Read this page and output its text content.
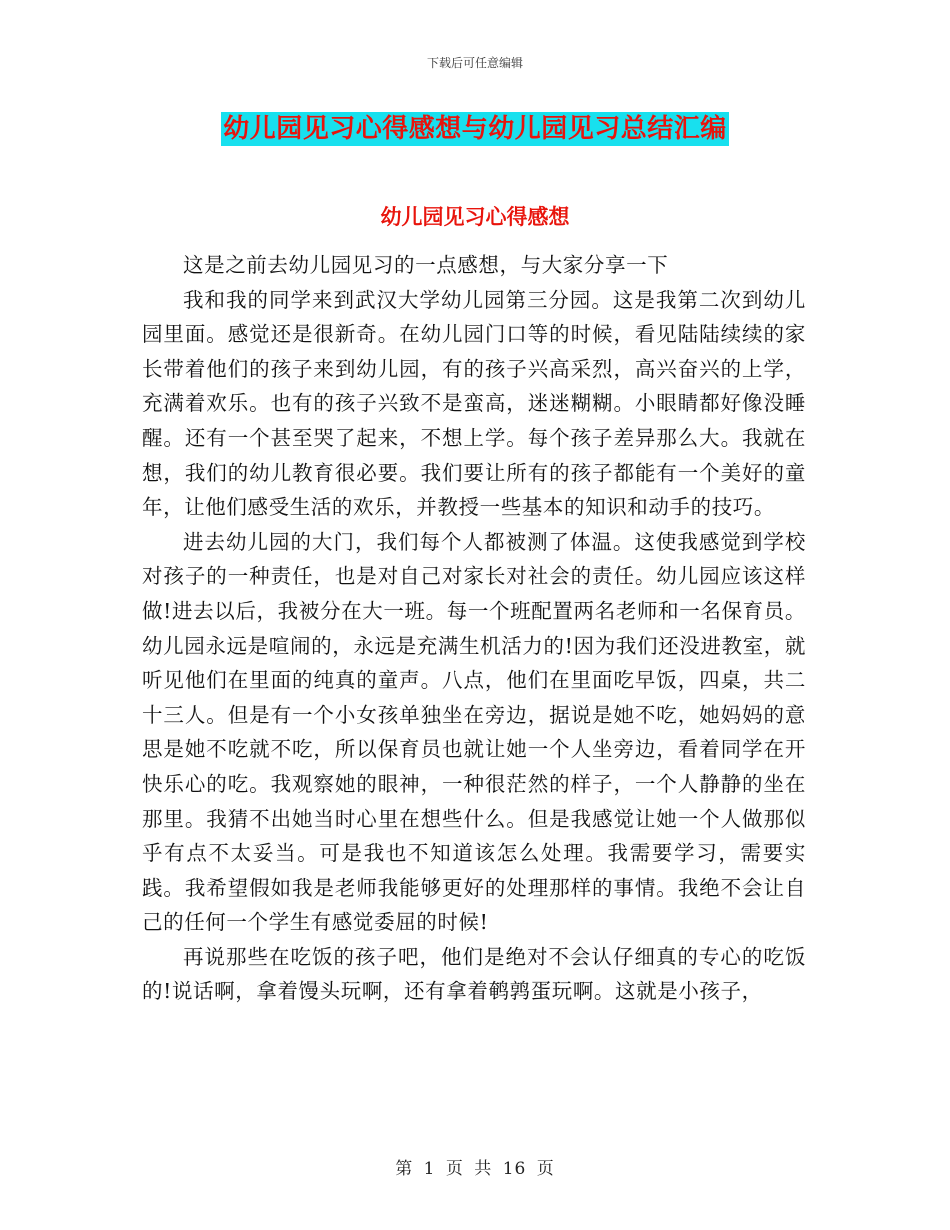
下载后可任意编辑
幼儿园见习心得感想与幼儿园见习总结汇编
幼儿园见习心得感想

这是之前去幼儿园见习的一点感想，与大家分享一下

我和我的同学来到武汉大学幼儿园第三分园。这是我第二次到幼儿园里面。感觉还是很新奇。在幼儿园门口等的时候，看见陆陆续续的家长带着他们的孩子来到幼儿园，有的孩子兴高采烈，高兴奋兴的上学，充满着欢乐。也有的孩子兴致不是蛮高，迷迷糊糊。小眼睛都好像没睡醒。还有一个甚至哭了起来，不想上学。每个孩子差异那么大。我就在想，我们的幼儿教育很必要。我们要让所有的孩子都能有一个美好的童年，让他们感受生活的欢乐，并教授一些基本的知识和动手的技巧。

进去幼儿园的大门，我们每个人都被测了体温。这使我感觉到学校对孩子的一种责任，也是对自己对家长对社会的责任。幼儿园应该这样做!进去以后，我被分在大一班。每一个班配置两名老师和一名保育员。幼儿园永远是喧闹的，永远是充满生机活力的!因为我们还没进教室，就听见他们在里面的纯真的童声。八点，他们在里面吃早饭，四桌，共二十三人。但是有一个小女孩单独坐在旁边，据说是她不吃，她妈妈的意思是她不吃就不吃，所以保育员也就让她一个人坐旁边，看着同学在开快乐心的吃。我观察她的眼神，一种很茫然的样子，一个人静静的坐在那里。我猜不出她当时心里在想些什么。但是我感觉让她一个人做那似乎有点不太妥当。可是我也不知道该怎么处理。我需要学习，需要实践。我希望假如我是老师我能够更好的处理那样的事情。我绝不会让自己的任何一个学生有感觉委屈的时候!

再说那些在吃饭的孩子吧，他们是绝对不会认仔细真的专心的吃饭的!说话啊，拿着馒头玩啊，还有拿着鹌鹑蛋玩啊。这就是小孩子，

第 1 页 共 16 页
